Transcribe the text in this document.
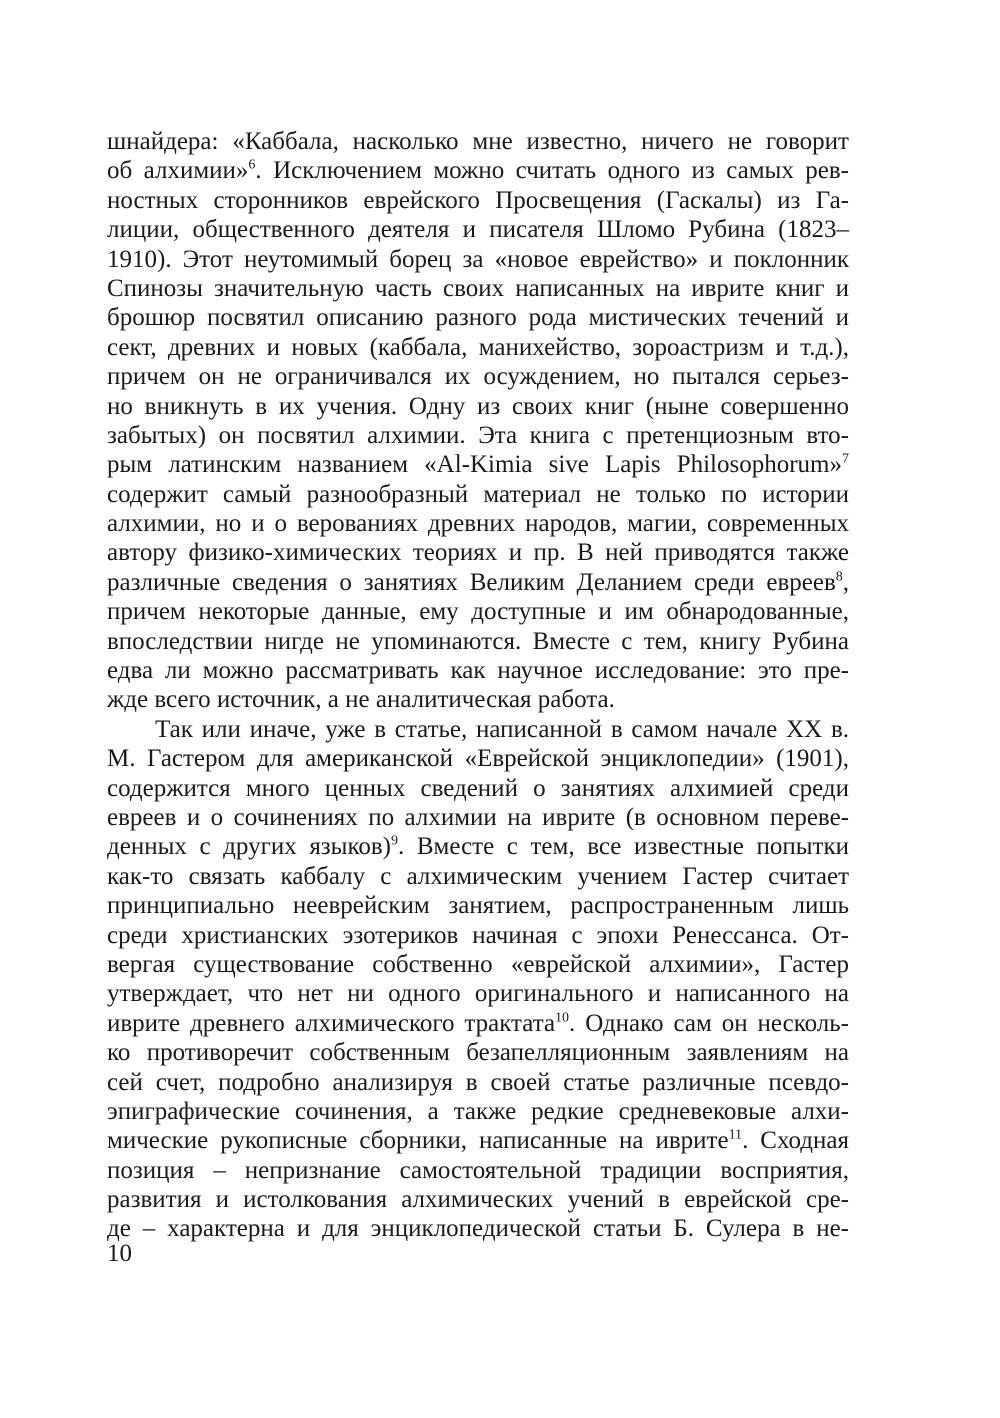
шнайдера: «Каббала, насколько мне известно, ничего не говорит
об алхимии»$^6$. Исключением можно считать одного из самых рев-
ностных сторонников еврейского Просвещения (Гаскалы) из Га-
лиции, общественного деятеля и писателя Шломо Рубина (1823–
1910). Этот неутомимый борец за «новое еврейство» и поклонник
Спинозы значительную часть своих написанных на иврите книг и
брошюр посвятил описанию разного рода мистических течений и
сект, древних и новых (каббала, манихейство, зороастризм и т.д.),
причем он не ограничивался их осуждением, но пытался серьез-
но вникнуть в их учения. Одну из своих книг (ныне совершенно
забытых) он посвятил алхимии. Эта книга с претенциозным вто-
рым латинским названием «Al-Kimia sive Lapis Philosophorum»$^7$
содержит самый разнообразный материал не только по истории
алхимии, но и о верованиях древних народов, магии, современных
автору физико-химических теориях и пр. В ней приводятся также
различные сведения о занятиях Великим Деланием среди евреев$^8$,
причем некоторые данные, ему доступные и им обнародованные,
впоследствии нигде не упоминаются. Вместе с тем, книгу Рубина
едва ли можно рассматривать как научное исследование: это пре-
жде всего источник, а не аналитическая работа.
Так или иначе, уже в статье, написанной в самом начале XX в.
М. Гастером для американской «Еврейской энциклопедии» (1901),
содержится много ценных сведений о занятиях алхимией среди
евреев и о сочинениях по алхимии на иврите (в основном переве-
денных с других языков)$^9$. Вместе с тем, все известные попытки
как-то связать каббалу с алхимическим учением Гастер считает
принципиально нееврейским занятием, распространенным лишь
среди христианских эзотериков начиная с эпохи Ренессанса. От-
вергая существование собственно «еврейской алхимии», Гастер
утверждает, что нет ни одного оригинального и написанного на
иврите древнего алхимического трактата$^{10}$. Однако сам он несколь-
ко противоречит собственным безапелляционным заявлениям на
сей счет, подробно анализируя в своей статье различные псевдо-
эпиграфические сочинения, а также редкие средневековые алхи-
мические рукописные сборники, написанные на иврите$^{11}$. Сходная
позиция – непризнание самостоятельной традиции восприятия,
развития и истолкования алхимических учений в еврейской сре-
де – характерна и для энциклопедической статьи Б. Сулера в не-
10
